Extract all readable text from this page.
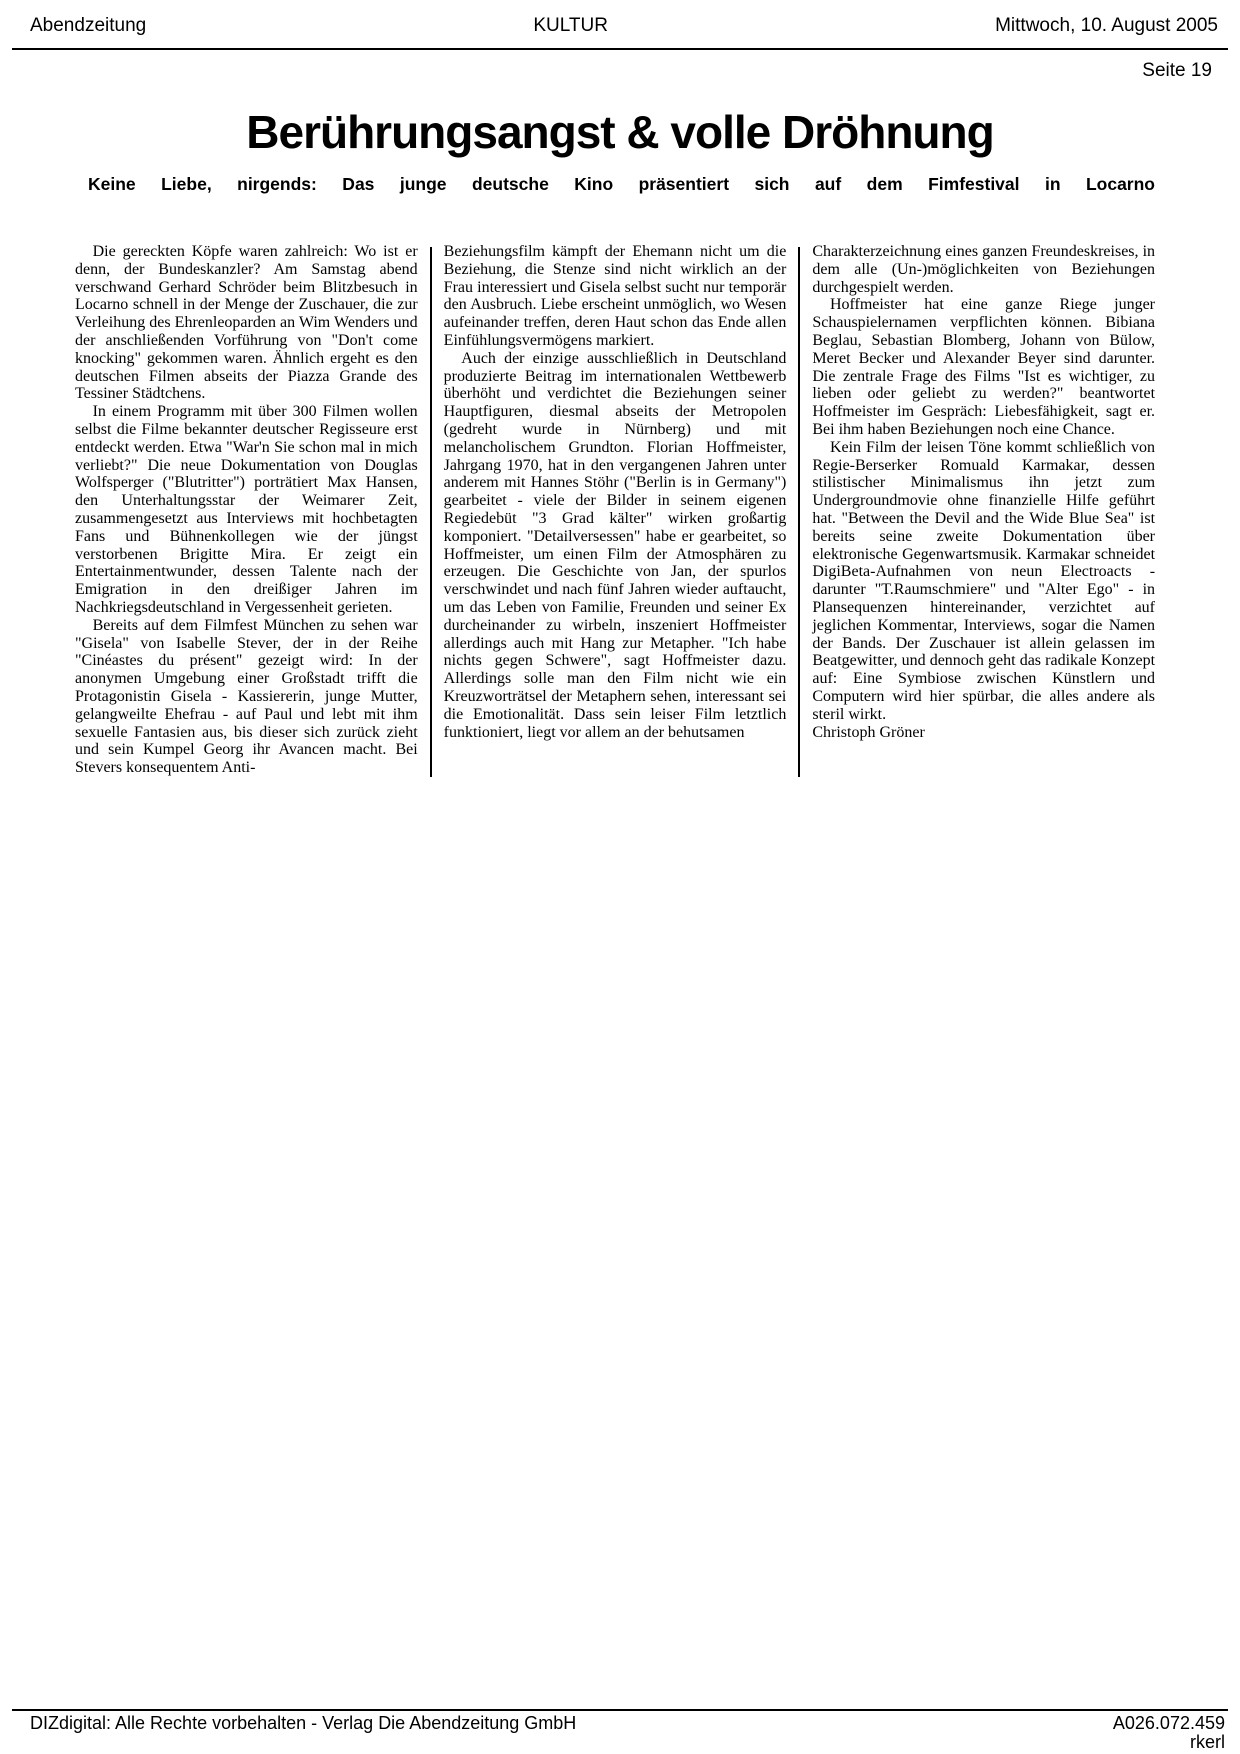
Abendzeitung	KULTUR	Mittwoch, 10. August 2005
Seite 19
Berührungsangst & volle Dröhnung
Keine Liebe, nirgends: Das junge deutsche Kino präsentiert sich auf dem Fimfestival in Locarno

Die gereckten Köpfe waren zahlreich: Wo ist er denn, der Bundeskanzler? Am Samstag abend verschwand Gerhard Schröder beim Blitzbesuch in Locarno schnell in der Menge der Zuschauer, die zur Verleihung des Ehrenleoparden an Wim Wenders und der anschließenden Vorführung von "Don't come knocking" gekommen waren. Ähnlich ergeht es den deutschen Filmen abseits der Piazza Grande des Tessiner Städtchens.

In einem Programm mit über 300 Filmen wollen selbst die Filme bekannter deutscher Regisseure erst entdeckt werden. Etwa "War'n Sie schon mal in mich verliebt?" Die neue Dokumentation von Douglas Wolfsperger ("Blutritter") porträtiert Max Hansen, den Unterhaltungsstar der Weimarer Zeit, zusammengesetzt aus Interviews mit hochbetagten Fans und Bühnenkollegen wie der jüngst verstorbenen Brigitte Mira. Er zeigt ein Entertainmentwunder, dessen Talente nach der Emigration in den dreißiger Jahren im Nachkriegsdeutschland in Vergessenheit gerieten.

Bereits auf dem Filmfest München zu sehen war "Gisela" von Isabelle Stever, der in der Reihe "Cinéastes du présent" gezeigt wird: In der anonymen Umgebung einer Großstadt trifft die Protagonistin Gisela - Kassiererin, junge Mutter, gelangweilte Ehefrau - auf Paul und lebt mit ihm sexuelle Fantasien aus, bis dieser sich zurück zieht und sein Kumpel Georg ihr Avancen macht. Bei Stevers konsequentem Anti-

Beziehungsfilm kämpft der Ehemann nicht um die Beziehung, die Stenze sind nicht wirklich an der Frau interessiert und Gisela selbst sucht nur temporär den Ausbruch. Liebe erscheint unmöglich, wo Wesen aufeinander treffen, deren Haut schon das Ende allen Einfühlungsvermögens markiert.

Auch der einzige ausschließlich in Deutschland produzierte Beitrag im internationalen Wettbewerb überhöht und verdichtet die Beziehungen seiner Hauptfiguren, diesmal abseits der Metropolen (gedreht wurde in Nürnberg) und mit melancholischem Grundton. Florian Hoffmeister, Jahrgang 1970, hat in den vergangenen Jahren unter anderem mit Hannes Stöhr ("Berlin is in Germany") gearbeitet - viele der Bilder in seinem eigenen Regiedebüt "3 Grad kälter" wirken großartig komponiert. "Detailversessen" habe er gearbeitet, so Hoffmeister, um einen Film der Atmosphären zu erzeugen. Die Geschichte von Jan, der spurlos verschwindet und nach fünf Jahren wieder auftaucht, um das Leben von Familie, Freunden und seiner Ex durcheinander zu wirbeln, inszeniert Hoffmeister allerdings auch mit Hang zur Metapher. "Ich habe nichts gegen Schwere", sagt Hoffmeister dazu. Allerdings solle man den Film nicht wie ein Kreuzworträtsel der Metaphern sehen, interessant sei die Emotionalität. Dass sein leiser Film letztlich funktioniert, liegt vor allem an der behutsamen

Charakterzeichnung eines ganzen Freundeskreises, in dem alle (Un-)möglichkeiten von Beziehungen durchgespielt werden.

Hoffmeister hat eine ganze Riege junger Schauspielernamen verpflichten können. Bibiana Beglau, Sebastian Blomberg, Johann von Bülow, Meret Becker und Alexander Beyer sind darunter. Die zentrale Frage des Films "Ist es wichtiger, zu lieben oder geliebt zu werden?" beantwortet Hoffmeister im Gespräch: Liebesfähigkeit, sagt er. Bei ihm haben Beziehungen noch eine Chance.

Kein Film der leisen Töne kommt schließlich von Regie-Berserker Romuald Karmakar, dessen stilistischer Minimalismus ihn jetzt zum Undergroundmovie ohne finanzielle Hilfe geführt hat. "Between the Devil and the Wide Blue Sea" ist bereits seine zweite Dokumentation über elektronische Gegenwartsmusik. Karmakar schneidet DigiBeta-Aufnahmen von neun Electroacts - darunter "T.Raumschmiere" und "Alter Ego" - in Plansequenzen hintereinander, verzichtet auf jeglichen Kommentar, Interviews, sogar die Namen der Bands. Der Zuschauer ist allein gelassen im Beatgewitter, und dennoch geht das radikale Konzept auf: Eine Symbiose zwischen Künstlern und Computern wird hier spürbar, die alles andere als steril wirkt.

Christoph Gröner

DIZdigital: Alle Rechte vorbehalten - Verlag Die Abendzeitung GmbH	A026.072.459
rkerl
